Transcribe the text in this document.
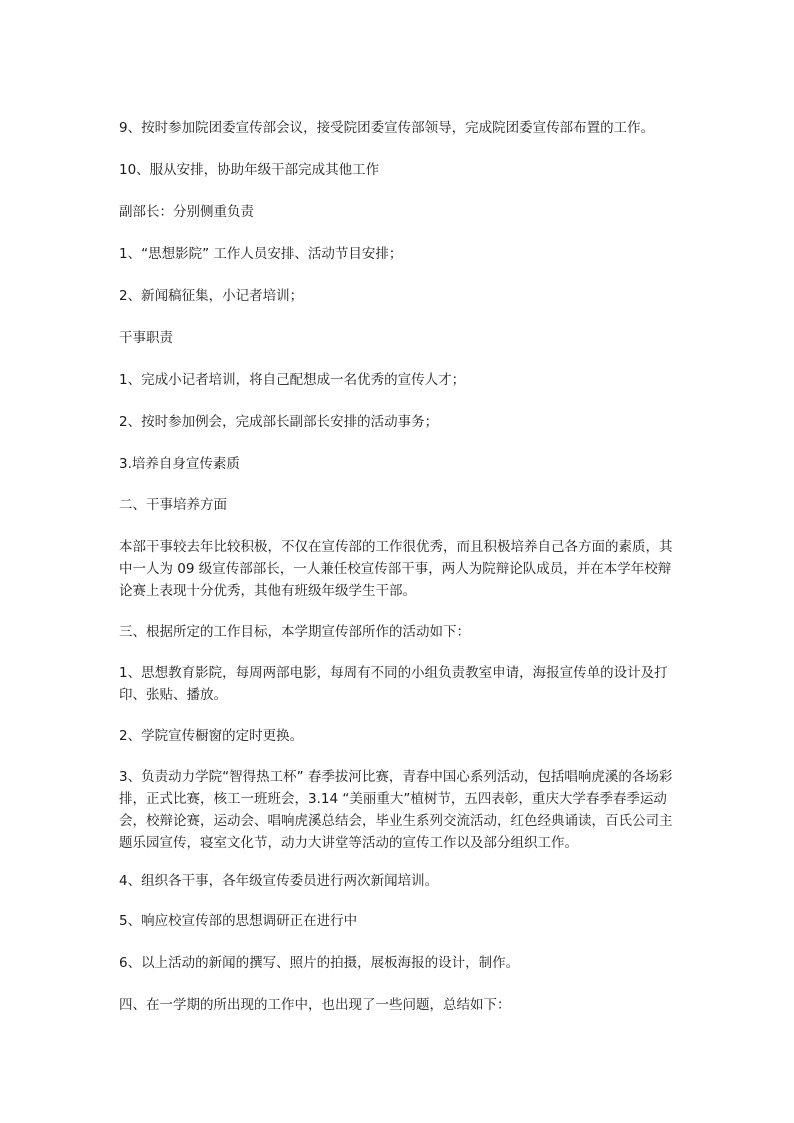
9、按时参加院团委宣传部会议，接受院团委宣传部领导，完成院团委宣传部布置的工作。

10、服从安排，协助年级干部完成其他工作

副部长：分别侧重负责

1、“思想影院” 工作人员安排、活动节目安排；

2、新闻稿征集，小记者培训；

干事职责

1、完成小记者培训，将自己配想成一名优秀的宣传人才；

2、按时参加例会，完成部长副部长安排的活动事务；

3.培养自身宣传素质

二、干事培养方面

本部干事较去年比较积极，不仅在宣传部的工作很优秀，而且积极培养自己各方面的素质，其中一人为 09 级宣传部部长，一人兼任校宣传部干事，两人为院辩论队成员，并在本学年校辩论赛上表现十分优秀，其他有班级年级学生干部。

三、根据所定的工作目标，本学期宣传部所作的活动如下：

1、思想教育影院，每周两部电影，每周有不同的小组负责教室申请，海报宣传单的设计及打印、张贴、播放。

2、学院宣传橱窗的定时更换。

3、负责动力学院“智得热工杯” 春季拔河比赛，青春中国心系列活动，包括唱响虎溪的各场彩排，正式比赛，核工一班班会，3.14 “美丽重大”植树节，五四表彰，重庆大学春季春季运动会，校辩论赛，运动会、唱响虎溪总结会，毕业生系列交流活动，红色经典诵读，百氏公司主题乐园宣传，寝室文化节，动力大讲堂等活动的宣传工作以及部分组织工作。

4、组织各干事，各年级宣传委员进行两次新闻培训。

5、响应校宣传部的思想调研正在进行中

6、以上活动的新闻的撰写、照片的拍摄，展板海报的设计，制作。

四、在一学期的所出现的工作中，也出现了一些问题，总结如下：
